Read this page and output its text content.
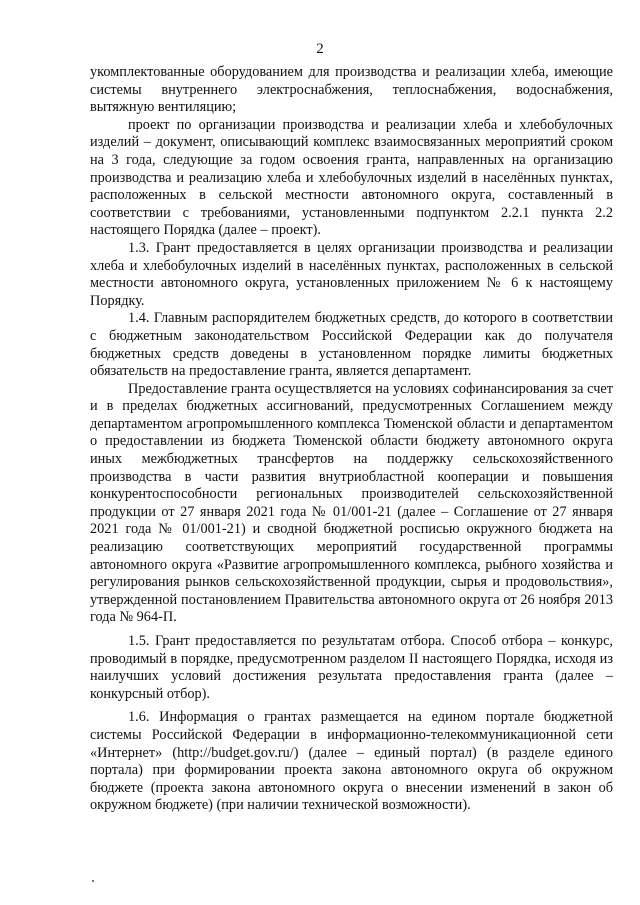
2

укомплектованные оборудованием для производства и реализации хлеба, имеющие системы внутреннего электроснабжения, теплоснабжения, водоснабжения, вытяжную вентиляцию;

проект по организации производства и реализации хлеба и хлебобулочных изделий – документ, описывающий комплекс взаимосвязанных мероприятий сроком на 3 года, следующие за годом освоения гранта, направленных на организацию производства и реализацию хлеба и хлебобулочных изделий в населённых пунктах, расположенных в сельской местности автономного округа, составленный в соответствии с требованиями, установленными подпунктом 2.2.1 пункта 2.2 настоящего Порядка (далее – проект).

1.3. Грант предоставляется в целях организации производства и реализации хлеба и хлебобулочных изделий в населённых пунктах, расположенных в сельской местности автономного округа, установленных приложением № 6 к настоящему Порядку.

1.4. Главным распорядителем бюджетных средств, до которого в соответствии с бюджетным законодательством Российской Федерации как до получателя бюджетных средств доведены в установленном порядке лимиты бюджетных обязательств на предоставление гранта, является департамент.

Предоставление гранта осуществляется на условиях софинансирования за счет и в пределах бюджетных ассигнований, предусмотренных Соглашением между департаментом агропромышленного комплекса Тюменской области и департаментом о предоставлении из бюджета Тюменской области бюджету автономного округа иных межбюджетных трансфертов на поддержку сельскохозяйственного производства в части развития внутриобластной кооперации и повышения конкурентоспособности региональных производителей сельскохозяйственной продукции от 27 января 2021 года № 01/001-21 (далее – Соглашение от 27 января 2021 года № 01/001-21) и сводной бюджетной росписью окружного бюджета на реализацию соответствующих мероприятий государственной программы автономного округа «Развитие агропромышленного комплекса, рыбного хозяйства и регулирования рынков сельскохозяйственной продукции, сырья и продовольствия», утвержденной постановлением Правительства автономного округа от 26 ноября 2013 года № 964-П.

1.5. Грант предоставляется по результатам отбора. Способ отбора – конкурс, проводимый в порядке, предусмотренном разделом II настоящего Порядка, исходя из наилучших условий достижения результата предоставления гранта (далее – конкурсный отбор).

1.6. Информация о грантах размещается на едином портале бюджетной системы Российской Федерации в информационно-телекоммуникационной сети «Интернет» (http://budget.gov.ru/) (далее – единый портал) (в разделе единого портала) при формировании проекта закона автономного округа об окружном бюджете (проекта закона автономного округа о внесении изменений в закон об окружном бюджете) (при наличии технической возможности).
